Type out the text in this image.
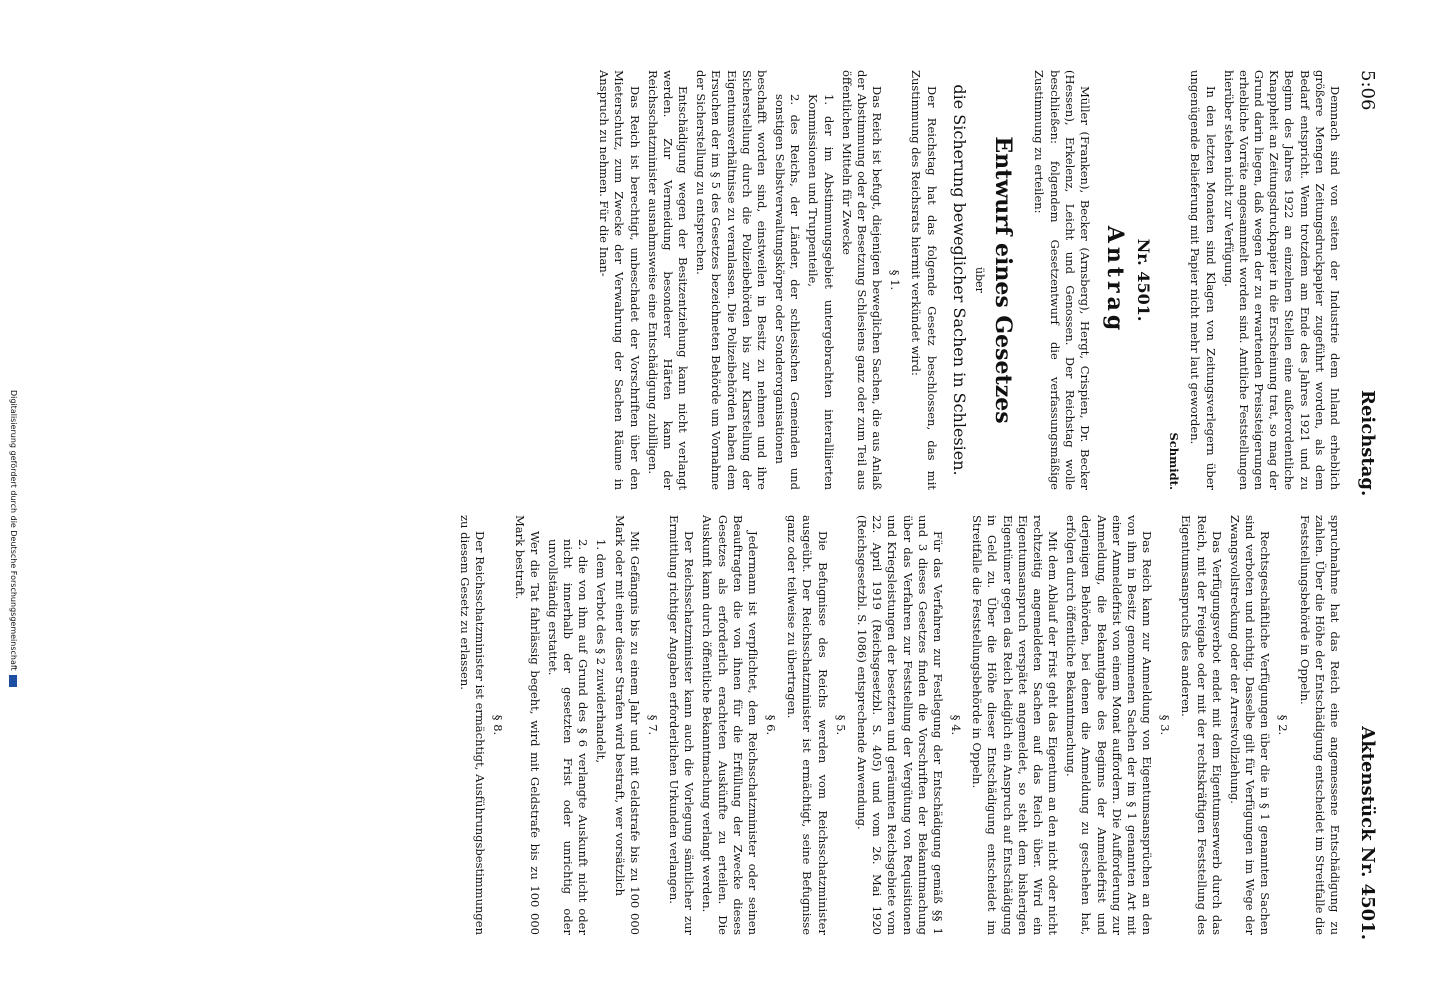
5:06
Reichstag.
Aktenstück Nr. 4501.

Demnach sind von seiten der Industrie dem Inland erheblich größere Mengen Zeitungsdruckpapier zugeführt worden, als dem Bedarf entspricht. Wenn trotzdem am Ende des Jahres 1921 und zu Beginn des Jahres 1922 an einzelnen Stellen eine außerordentliche Knappheit an Zeitungsdruckpapier in die Erscheinung trat, so mag der Grund darin liegen, daß wegen der zu erwartenden Preissteigerungen erhebliche Vorräte angesammelt worden sind. Amtliche Feststellungen hierüber stehen nicht zur Verfügung.

In den letzten Monaten sind Klagen von Zeitungsverlegern über ungenügende Belieferung mit Papier nicht mehr laut geworden.

Schmidt.
Nr. 4501.
Antrag

Müller (Franken), Becker (Arnsberg), Hergt, Crispien, Dr. Becker (Hessen), Erkelenz, Leicht und Genossen. Der Reichstag wolle beschließen: folgendem Gesetzentwurf die verfassungsmäßige Zustimmung zu erteilen:

Entwurf eines Gesetzes
über
die Sicherung beweglicher Sachen in Schlesien.

Der Reichstag hat das folgende Gesetz beschlossen, das mit Zustimmung des Reichsrats hiermit verkündet wird:

§ 1.

Das Reich ist befugt, diejenigen beweglichen Sachen, die aus Anlaß der Abstimmung oder der Besetzung Schlesiens ganz oder zum Teil aus öffentlichen Mitteln für Zwecke

1. der im Abstimmungsgebiet untergebrachten interalliierten Kommissionen und Truppenteile,

2. des Reichs, der Länder, der schlesischen Gemeinden und sonstigen Selbstverwaltungskörper oder Sonderorganisationen

beschafft worden sind, einstweilen in Besitz zu nehmen und ihre Sicherstellung durch die Polizeibehörden bis zur Klarstellung der Eigentumsverhältnisse zu veranlassen. Die Polizeibehörden haben dem Ersuchen der im § 5 des Gesetzes bezeichneten Behörde um Vornahme der Sicherstellung zu entsprechen.

Entschädigung wegen der Besitzentziehung kann nicht verlangt werden. Zur Vermeidung besonderer Härten kann der Reichsschatzminister ausnahmsweise eine Entschädigung zubilligen.

Das Reich ist berechtigt, unbeschadet der Vorschriften über den Mieterschutz, zum Zwecke der Verwahrung der Sachen Räume in Anspruch zu nehmen. Für die Inan-

spruchnahme hat das Reich eine angemessene Entschädigung zu zahlen. Über die Höhe der Entschädigung entscheidet im Streitfalle die Feststellungsbehörde in Oppeln.

§ 2.

Rechtsgeschäftliche Verfügungen über die in § 1 genannten Sachen sind verboten und nichtig. Dasselbe gilt für Verfügungen im Wege der Zwangsvollstreckung oder der Arrestvollziehung.

Das Verfügungsverbot endet mit dem Eigentumserwerb durch das Reich, mit der Freigabe oder mit der rechtskräftigen Feststellung des Eigentumsanspruchs des anderen.

§ 3.

Das Reich kann zur Anmeldung von Eigentumsansprüchen an den von ihm in Besitz genommenen Sachen der im § 1 genannten Art mit einer Anmeldefrist von einem Monat auffordern. Die Aufforderung zur Anmeldung, die Bekanntgabe des Beginns der Anmeldefrist und derjenigen Behörden, bei denen die Anmeldung zu geschehen hat, erfolgen durch öffentliche Bekanntmachung.

Mit dem Ablauf der Frist geht das Eigentum an den nicht oder nicht rechtzeitig angemeldeten Sachen auf das Reich über. Wird ein Eigentumsanspruch verspätet angemeldet, so steht dem bisherigen Eigentümer gegen das Reich lediglich ein Anspruch auf Entschädigung in Geld zu. Über die Höhe dieser Entschädigung entscheidet im Streitfalle die Feststellungsbehörde in Oppeln.

§ 4.

Für das Verfahren zur Festlegung der Entschädigung gemäß §§ 1 und 3 dieses Gesetzes finden die Vorschriften der Bekanntmachung über das Verfahren zur Feststellung der Vergütung von Requisitionen und Kriegsleistungen der besetzten und geräumten Reichsgebiete vom 22. April 1919 (Reichsgesetzbl. S. 405) und vom 26. Mai 1920 (Reichsgesetzbl. S. 1086) entsprechende Anwendung.

§ 5.

Die Befugnisse des Reichs werden vom Reichsschatzminister ausgeübt. Der Reichsschatzminister ist ermächtigt, seine Befugnisse ganz oder teilweise zu übertragen.

§ 6.

Jedermann ist verpflichtet, dem Reichsschatzminister oder seinen Beauftragten die von ihnen für die Erfüllung der Zwecke dieses Gesetzes als erforderlich erachteten Auskünfte zu erteilen. Die Auskunft kann durch öffentliche Bekanntmachung verlangt werden.

Der Reichsschatzminister kann auch die Vorlegung sämtlicher zur Ermittlung richtiger Angaben erforderlichen Urkunden verlangen.

§ 7.

Mit Gefängnis bis zu einem Jahr und mit Geldstrafe bis zu 100 000 Mark oder mit einer dieser Strafen wird bestraft, wer vorsätzlich

1. dem Verbot des § 2 zuwiderhandelt,

2. die von ihm auf Grund des § 6 verlangte Auskunft nicht oder nicht innerhalb der gesetzten Frist oder unrichtig oder unvollständig erstattet.

Wer die Tat fahrlässig begeht, wird mit Geldstrafe bis zu 100 000 Mark bestraft.

§ 8.

Der Reichsschatzminister ist ermächtigt, Ausführungsbestimmungen zu diesem Gesetz zu erlassen.

Digitalisierung gefördert durch die Deutsche Forschungsgemeinschaft
